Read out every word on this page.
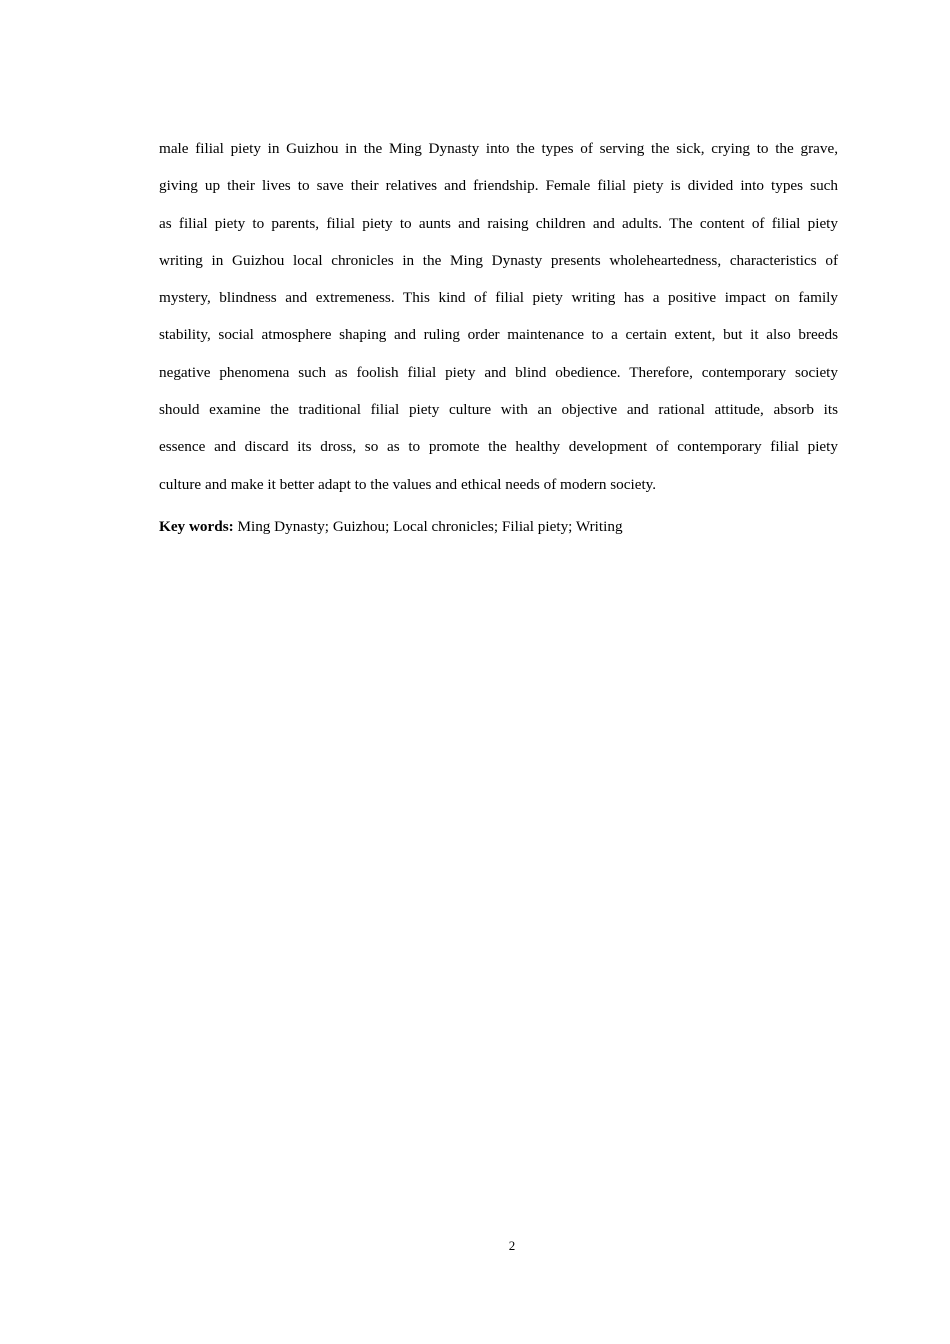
male filial piety in Guizhou in the Ming Dynasty into the types of serving the sick, crying to the grave,
giving up their lives to save their relatives and friendship. Female filial piety is divided into types such
as filial piety to parents, filial piety to aunts and raising children and adults. The content of filial piety
writing in Guizhou local chronicles in the Ming Dynasty presents wholeheartedness, characteristics of
mystery, blindness and extremeness. This kind of filial piety writing has a positive impact on family
stability, social atmosphere shaping and ruling order maintenance to a certain extent, but it also breeds
negative phenomena such as foolish filial piety and blind obedience. Therefore, contemporary society
should examine the traditional filial piety culture with an objective and rational attitude, absorb its
essence and discard its dross, so as to promote the healthy development of contemporary filial piety
culture and make it better adapt to the values and ethical needs of modern society.

Key words: Ming Dynasty; Guizhou; Local chronicles; Filial piety; Writing

2
